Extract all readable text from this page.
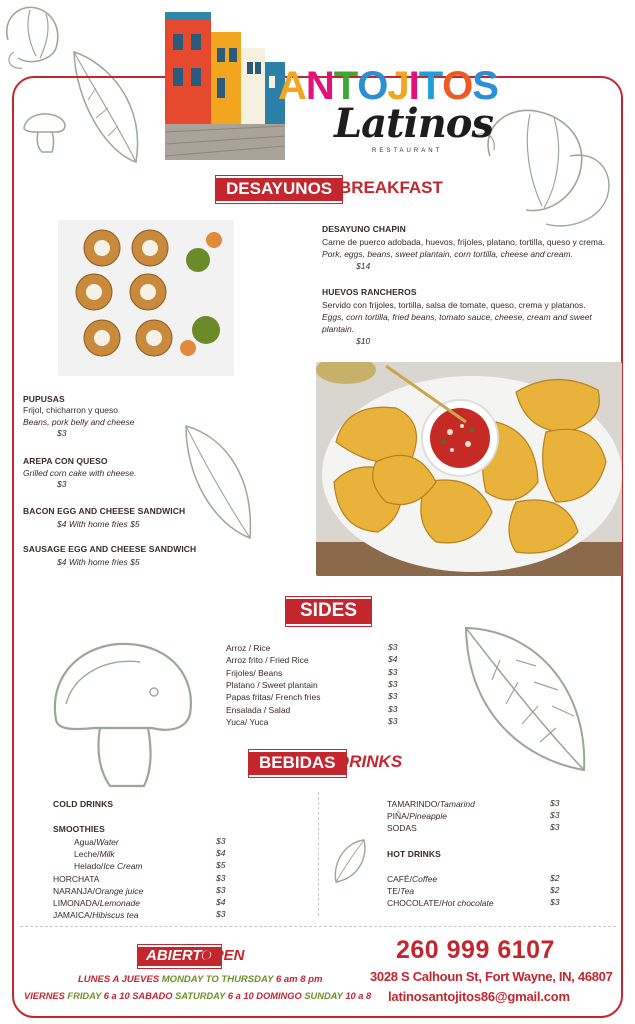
ANTOJITOS
Latinos
RESTAURANT
DESAYUNOS BREAKFAST
DESAYUNO CHAPIN
Carne de puerco adobada, huevos, frijoles, platano, tortilla, queso y crema.
Pork, eggs, beans, sweet plantain, corn tortilla, cheese and cream.
$14
HUEVOS RANCHEROS
Servido con frijoles, tortilla, salsa de tomate, queso, crema y platanos.
Eggs, corn tortilla, fried beans, tomato sauce, cheese, cream and sweet plantain.
$10
PUPUSAS
Frijol, chicharron y queso
Beans, pork belly and cheese
$3
AREPA CON QUESO
Grilled corn cake with cheese.
$3
BACON EGG AND CHEESE SANDWICH
$4 With home fries $5
SAUSAGE EGG AND CHEESE SANDWICH
$4 With home fries $5
SIDES
Arroz / Rice	$3
Arroz frito / Fried Rice	$4
Frijoles/ Beans	$3
Platano / Sweet plantain	$3
Papas fritas/ French fries	$3
Ensalada / Salad	$3
Yuca/ Yuca	$3
BEBIDAS DRINKS
COLD DRINKS
SMOOTHIES
Agua/Water	$3
Leche/Milk	$4
Helado/Ice Cream	$5
HORCHATA	$3
NARANJA/Orange juice	$3
LIMONADA/Lemonade	$4
JAMAICA/Hibiscus tea	$3
TAMARINDO/Tamarind	$3
PIÑA/Pineapple	$3
SODAS	$3
HOT DRINKS
CAFÉ/Coffee	$2
TE/Tea	$2
CHOCOLATE/Hot chocolate	$3
ABIERTO
OPEN
LUNES A JUEVES MONDAY TO THURSDAY 6 am 8 pm
VIERNES FRIDAY 6 a 10 SABADO SATURDAY 6 a 10 DOMINGO SUNDAY 10 a 8
260 999 6107
3028 S Calhoun St, Fort Wayne, IN, 46807
latinosantojitos86@gmail.com
